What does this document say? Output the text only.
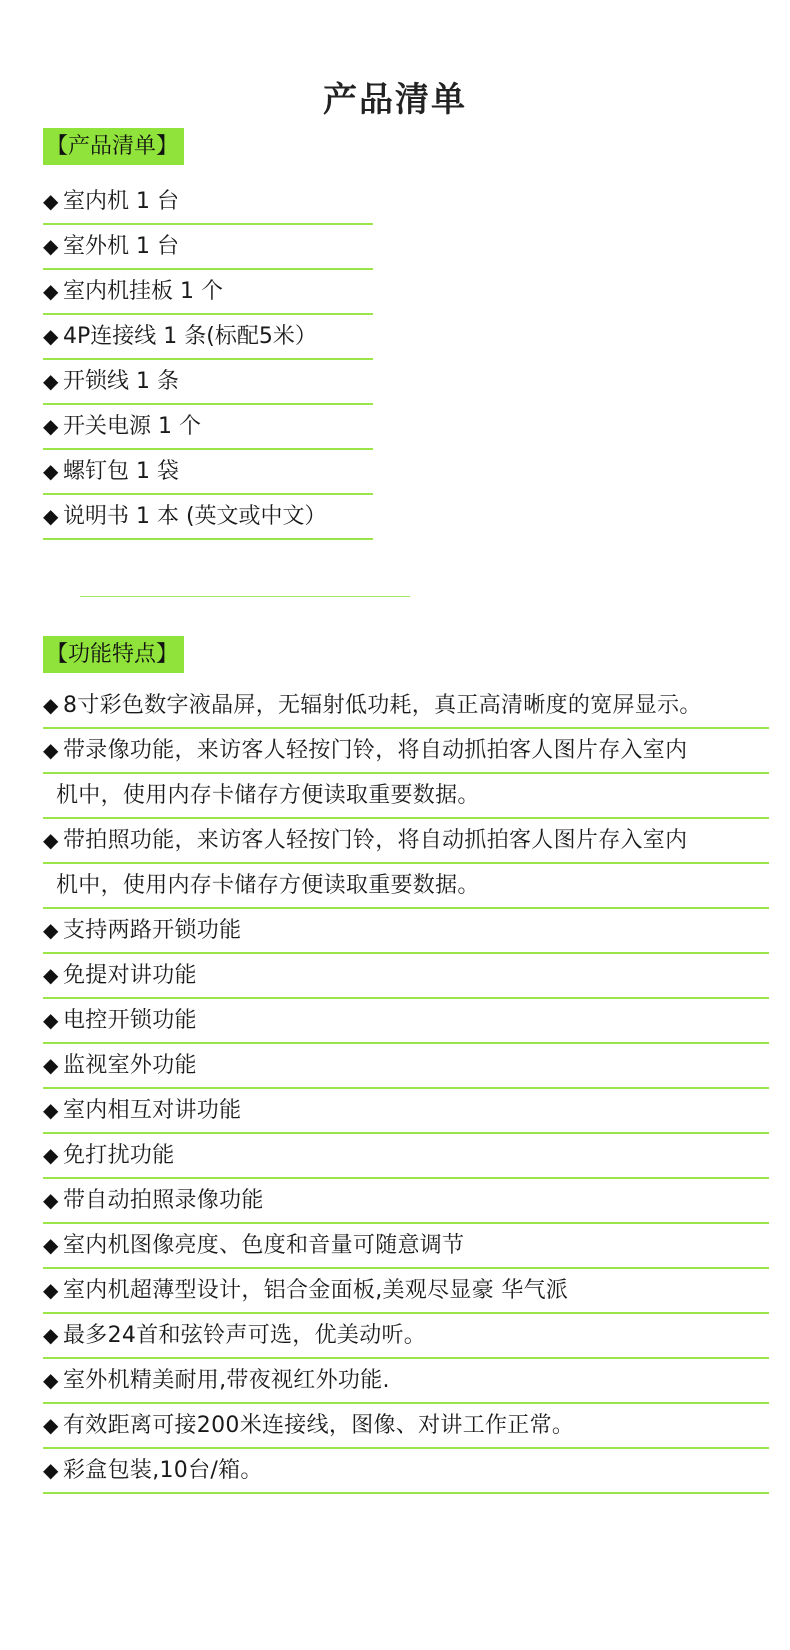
产品清单
【产品清单】
◆ 室内机 1 台
◆ 室外机 1 台
◆ 室内机挂板 1 个
◆ 4P连接线 1 条(标配5米）
◆ 开锁线 1 条
◆ 开关电源 1 个
◆ 螺钉包 1 袋
◆ 说明书 1 本 (英文或中文）
【功能特点】
◆ 8寸彩色数字液晶屏，无辐射低功耗，真正高清晰度的宽屏显示。
◆ 带录像功能，来访客人轻按门铃，将自动抓拍客人图片存入室内
机中，使用内存卡储存方便读取重要数据。
◆ 带拍照功能，来访客人轻按门铃，将自动抓拍客人图片存入室内
机中，使用内存卡储存方便读取重要数据。
◆ 支持两路开锁功能
◆ 免提对讲功能
◆ 电控开锁功能
◆ 监视室外功能
◆ 室内相互对讲功能
◆ 免打扰功能
◆ 带自动拍照录像功能
◆ 室内机图像亮度、色度和音量可随意调节
◆ 室内机超薄型设计，铝合金面板,美观尽显豪 华气派
◆ 最多24首和弦铃声可选，优美动听。
◆ 室外机精美耐用,带夜视红外功能.
◆ 有效距离可接200米连接线，图像、对讲工作正常。
◆ 彩盒包装,10台/箱。
